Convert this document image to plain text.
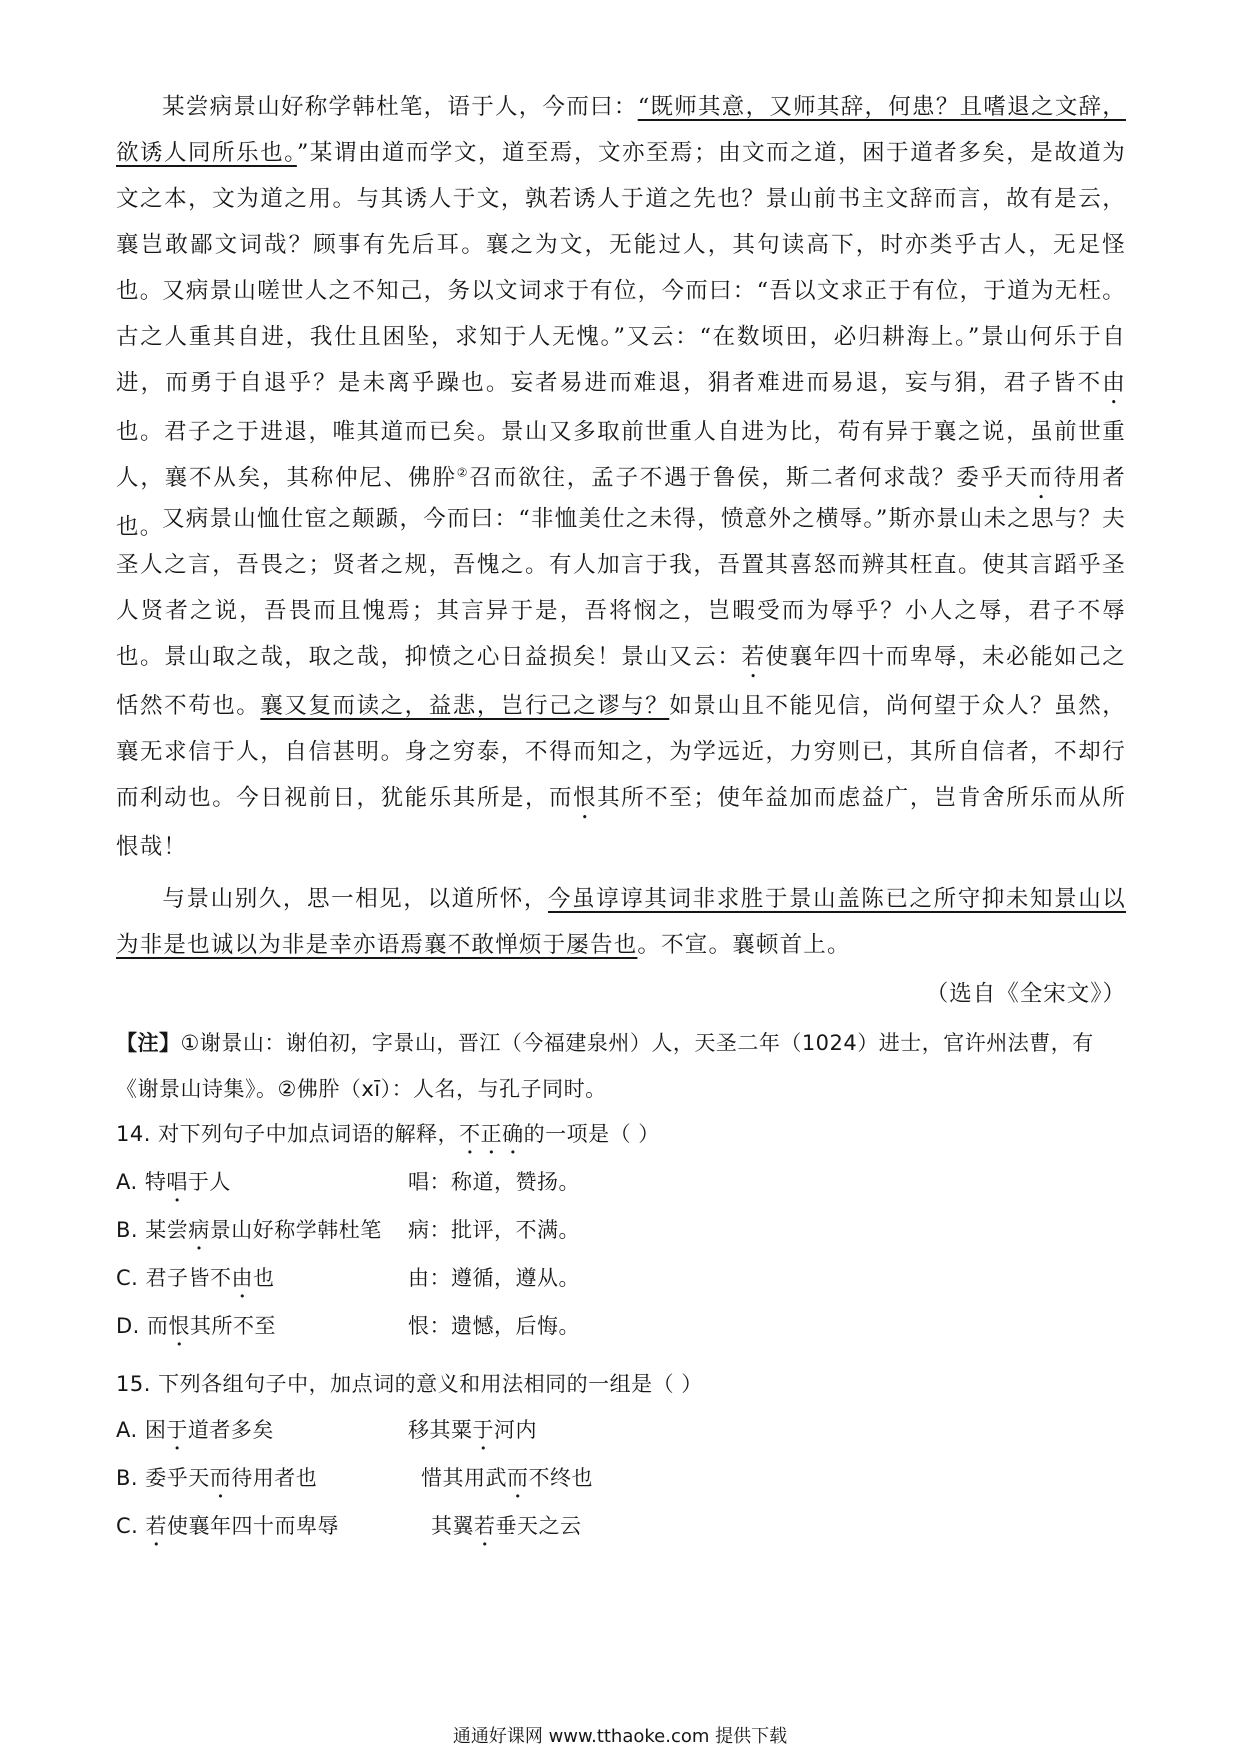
某尝病景山好称学韩杜笔，语于人，今而曰：“既师其意，又师其辞，何患？且嗜退之文辞，欲诱人同所乐也。”某谓由道而学文，道至焉，文亦至焉；由文而之道，困于道者多矣，是故道为文之本，文为道之用。与其诱人于文，孰若诱人于道之先也？景山前书主文辞而言，故有是云，襄岂敢鄙文词哉？顾事有先后耳。襄之为文，无能过人，其句读高下，时亦类乎古人，无足怪也。

又病景山嗟世人之不知己，务以文词求于有位，今而曰：“吾以文求正于有位，于道为无枉。古之人重其自进，我仕且困坠，求知于人无愧。”又云：“在数顷田，必归耕海上。”景山何乐于自进，而勇于自退乎？是未离乎躁也。妄者易进而难退，狷者难进而易退，妄与狷，君子皆不由也。君子之于进退，唯其道而已矣。景山又多取前世重人自进为比，苟有异于襄之说，虽前世重人，襄不从矣，其称仲尼、佛肸②召而欲往，孟子不遇于鲁侯，斯二者何求哉？委乎天而待用者也。

又病景山恤仕宦之颠踬，今而曰：“非恤美仕之未得，愤意外之横辱。”斯亦景山未之思与？夫圣人之言，吾畏之；贤者之规，吾愧之。有人加言于我，吾置其喜怒而辨其枉直。使其言蹈乎圣人贤者之说，吾畏而且愧焉；其言异于是，吾将悯之，岂暇受而为辱乎？小人之辱，君子不辱也。景山取之哉，取之哉，抑愤之心日益损矣！景山又云：若使襄年四十而卑辱，未必能如己之恬然不苟也。襄又复而读之，益悲，岂行己之谬与？如景山且不能见信，尚何望于众人？虽然，襄无求信于人，自信甚明。身之穷泰，不得而知之，为学远近，力穷则已，其所自信者，不却行而利动也。今日视前日，犹能乐其所是，而恨其所不至；使年益加而虑益广，岂肯舍所乐而从所恨哉！

与景山别久，思一相见，以道所怀，今虽谆谆其词非求胜于景山盖陈已之所守抑未知景山以为非是也诚以为非是幸亦语焉襄不敢惮烦于屡告也。不宣。襄顿首上。

（选自《全宋文》）
【注】①谢景山：谢伯初，字景山，晋江（今福建泉州）人，天圣二年（1024）进士，官许州法曹，有《谢景山诗集》。②佛肸（xī）：人名，与孔子同时。
14. 对下列句子中加点词语的解释，不正确的一项是（ ）
A. 特唱于人	唱：称道，赞扬。
B. 某尝病景山好称学韩杜笔 病：批评，不满。
C. 君子皆不由也	由：遵循，遵从。
D. 而恨其所不至	恨：遗憾，后悔。
15. 下列各组句子中，加点词的意义和用法相同的一组是（ ）
A. 困于道者多矣	移其粟于河内
B. 委乎天而待用者也	惜其用武而不终也
C. 若使襄年四十而卑辱	其翼若垂天之云
通通好课网 www.tthaoke.com 提供下载
